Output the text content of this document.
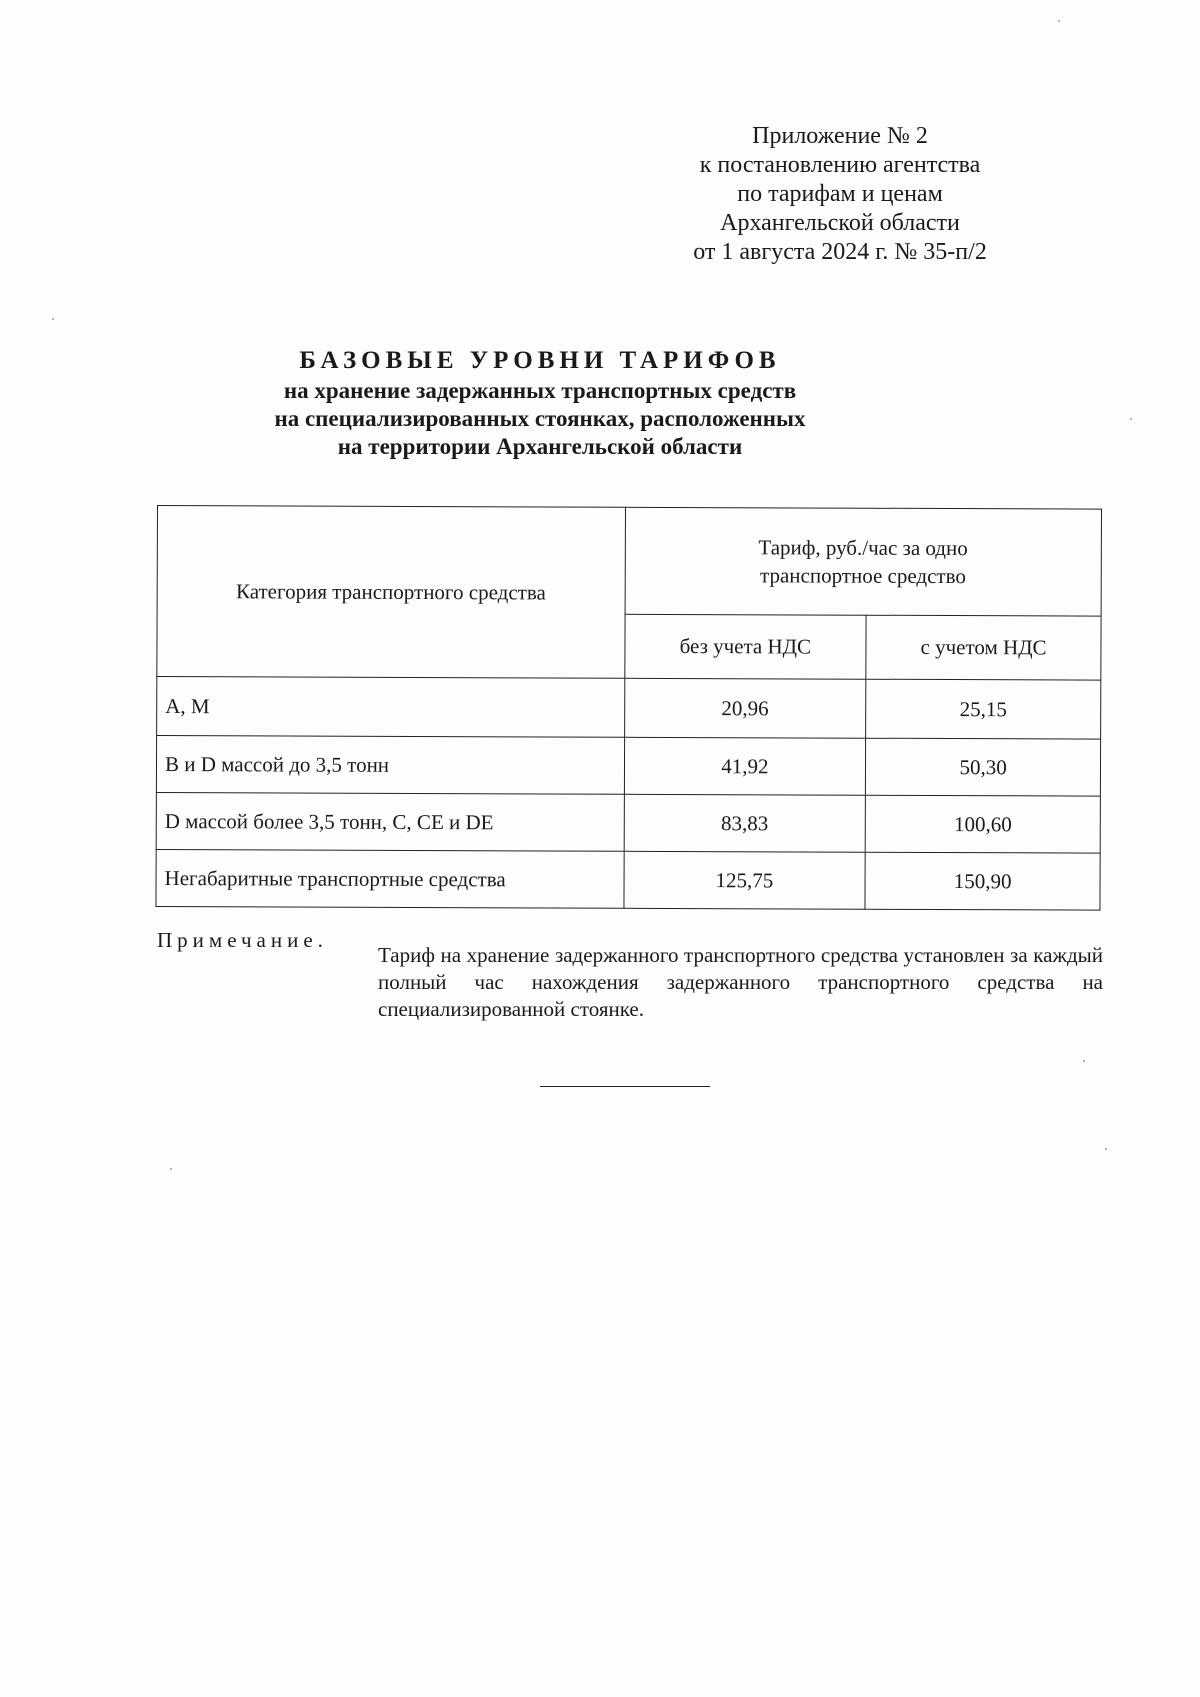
Приложение № 2
к постановлению агентства
по тарифам и ценам
Архангельской области
от 1 августа 2024 г. № 35-п/2
БАЗОВЫЕ УРОВНИ ТАРИФОВ
на хранение задержанных транспортных средств
на специализированных стоянках, расположенных
на территории Архангельской области
Категория транспортного средства	Тариф, руб./час за одно
транспортное средство	

	без учета НДС	с учетом НДС
A, M	20,96	25,15
B и D массой до 3,5 тонн	41,92	50,30
D массой более 3,5 тонн, C, CE и DE	83,83	100,60
Негабаритные транспортные средства	125,75	150,90
Примечание.
Тариф на хранение задержанного транспортного средства установлен за каждый полный час нахождения задержанного транспортного средства на специализированной стоянке.
